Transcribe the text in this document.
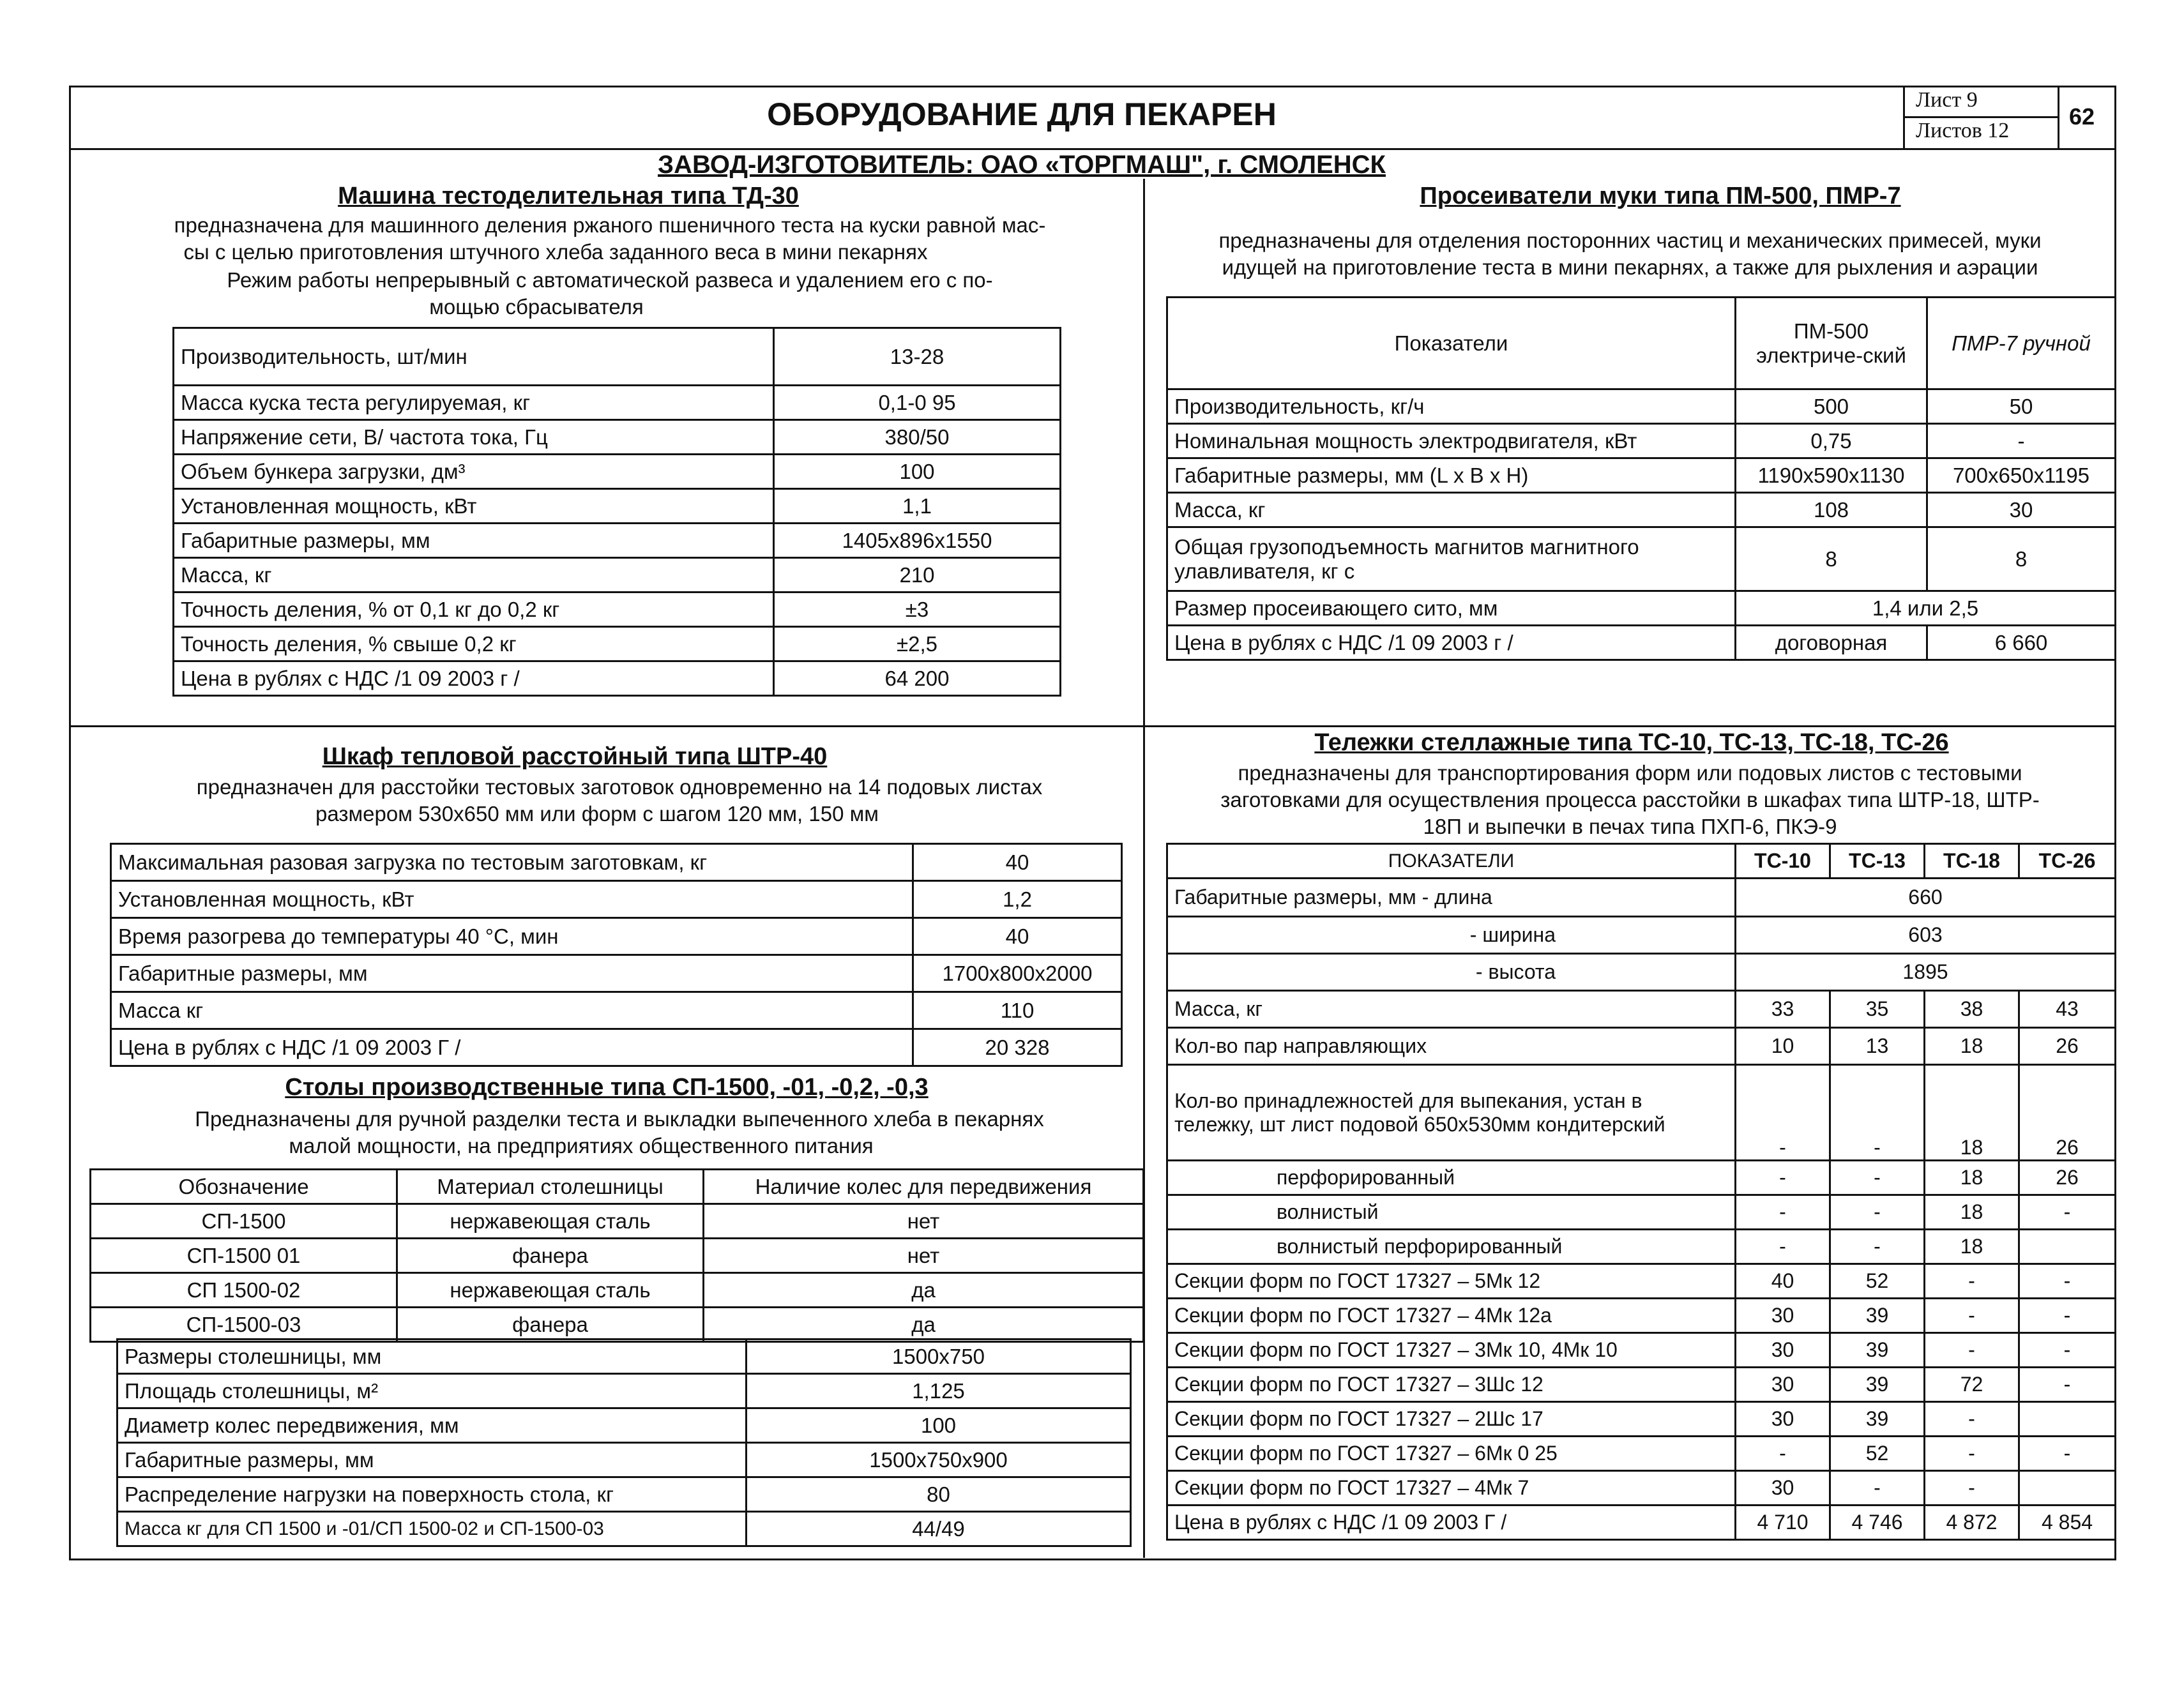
ОБОРУДОВАНИЕ ДЛЯ ПЕКАРЕН	Лист 9
Листов 12
62
ЗАВОД-ИЗГОТОВИТЕЛЬ: ОАО «ТОРГМАШ", г. СМОЛЕНСК
Машина тестоделительная типа ТД-30
предназначена для машинного деления ржаного пшеничного теста на куски равной мас-
сы с целью приготовления штучного хлеба заданного веса в мини пекарнях
Режим работы непрерывный с автоматической развеса и удалением его с по-
мощью сбрасывателя
Производительность, шт/мин	13-28
Масса куска теста регулируемая, кг	0,1-0 95
Напряжение сети, В/ частота тока, Гц	380/50
Объем бункера загрузки, дм³	100
Установленная мощность, кВт	1,1
Габаритные размеры, мм	1405x896x1550
Масса, кг	210
Точность деления, % от 0,1 кг до 0,2 кг	±3
Точность деления, % свыше 0,2 кг	±2,5
Цена в рублях с НДС /1 09 2003 г /	64 200
Просеиватели муки типа ПМ-500, ПМР-7
предназначены для отделения посторонних частиц и механических примесей, муки
идущей на приготовление теста в мини пекарнях, а также для рыхления и аэрации
Показатели	ПМ-500 электриче-ский	ПМР-7 ручной
Производительность, кг/ч	500	50
Номинальная мощность электродвигателя, кВт	0,75	-
Габаритные размеры, мм (L x B x H)	1190x590x1130	700x650x1195
Масса, кг	108	30
Общая грузоподъемность магнитов магнитного улавливателя, кг с	8	8
Размер просеивающего сито, мм	1,4 или 2,5	
Цена в рублях с НДС /1 09 2003 г /	договорная	6 660
Шкаф тепловой расстойный типа ШТР-40
предназначен для расстойки тестовых заготовок одновременно на 14 подовых листах
размером 530x650 мм или форм с шагом 120 мм, 150 мм
Максимальная разовая загрузка по тестовым заготовкам, кг	40
Установленная мощность, кВт	1,2
Время разогрева до температуры 40 °С, мин	40
Габаритные размеры, мм	1700x800x2000
Масса кг	110
Цена в рублях с НДС /1 09 2003 Г /	20 328
Столы производственные типа СП-1500, -01, -0,2, -0,3
Предназначены для ручной разделки теста и выкладки выпеченного хлеба в пекарнях
малой мощности, на предприятиях общественного питания
Обозначение	Материал столешницы	Наличие колес для передвижения
СП-1500	нержавеющая сталь	нет
СП-1500 01	фанера	нет
СП 1500-02	нержавеющая сталь	да
СП-1500-03	фанера	да
Размеры столешницы, мм	1500x750
Площадь столешницы, м²	1,125
Диаметр колес передвижения, мм	100
Габаритные размеры, мм	1500x750x900
Распределение нагрузки на поверхность стола, кг	80
Масса кг для СП 1500 и -01/СП 1500-02 и СП-1500-03	44/49
Тележки стеллажные типа ТС-10, ТС-13, ТС-18, ТС-26
предназначены для транспортирования форм или подовых листов с тестовыми
заготовками для осуществления процесса расстойки в шкафах типа ШТР-18, ШТР-
18П и выпечки в печах типа ПХП-6, ПКЭ-9
ПОКАЗАТЕЛИ	ТС-10	ТС-13	ТС-18	ТС-26
Габаритные размеры, мм - длина	660			
- ширина	603			
- высота	1895			
Масса, кг	33	35	38	43
Кол-во пар направляющих	10	13	18	26
Кол-во принадлежностей для выпекания, устан в тележку, шт лист подовой 650x530мм кондитерский	-	-	18	26
перфорированный	-	-	18	26
волнистый	-	-	18	-
волнистый перфорированный	-	-	18	
Секции форм по ГОСТ 17327 – 5Мк 12	40	52	-	-
Секции форм по ГОСТ 17327 – 4Мк 12а	30	39	-	-
Секции форм по ГОСТ 17327 – 3Мк 10, 4Мк 10	30	39	-	-
Секции форм по ГОСТ 17327 – 3Шс 12	30	39	72	-
Секции форм по ГОСТ 17327 – 2Шс 17	30	39	-	
Секции форм по ГОСТ 17327 – 6Мк 0 25	-	52	-	-
Секции форм по ГОСТ 17327 – 4Мк 7	30	-	-	
Цена в рублях с НДС /1 09 2003 Г /	4 710	4 746	4 872	4 854
